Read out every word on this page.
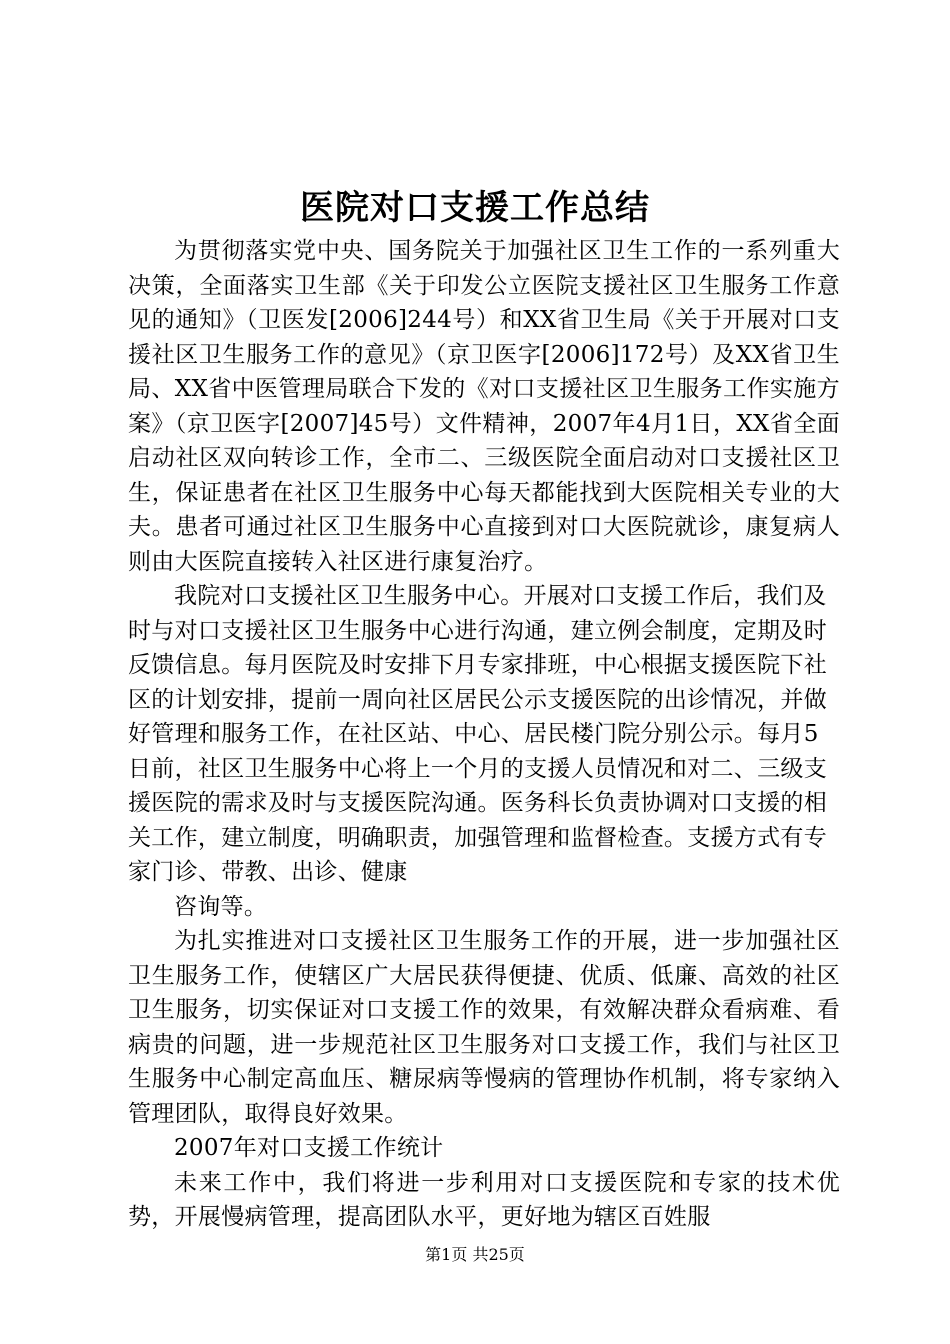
医院对口支援工作总结

为贯彻落实党中央、国务院关于加强社区卫生工作的一系列重大决策，全面落实卫生部《关于印发公立医院支援社区卫生服务工作意见的通知》（卫医发[2006]244号）和XX省卫生局《关于开展对口支援社区卫生服务工作的意见》（京卫医字[2006]172号）及XX省卫生局、XX省中医管理局联合下发的《对口支援社区卫生服务工作实施方案》（京卫医字[2007]45号）文件精神，2007年4月1日，XX省全面启动社区双向转诊工作，全市二、三级医院全面启动对口支援社区卫生，保证患者在社区卫生服务中心每天都能找到大医院相关专业的大夫。患者可通过社区卫生服务中心直接到对口大医院就诊，康复病人则由大医院直接转入社区进行康复治疗。

我院对口支援社区卫生服务中心。开展对口支援工作后，我们及时与对口支援社区卫生服务中心进行沟通，建立例会制度，定期及时反馈信息。每月医院及时安排下月专家排班，中心根据支援医院下社区的计划安排，提前一周向社区居民公示支援医院的出诊情况，并做好管理和服务工作，在社区站、中心、居民楼门院分别公示。每月5日前，社区卫生服务中心将上一个月的支援人员情况和对二、三级支援医院的需求及时与支援医院沟通。医务科长负责协调对口支援的相关工作，建立制度，明确职责，加强管理和监督检查。支援方式有专家门诊、带教、出诊、健康

咨询等。

为扎实推进对口支援社区卫生服务工作的开展，进一步加强社区卫生服务工作，使辖区广大居民获得便捷、优质、低廉、高效的社区卫生服务，切实保证对口支援工作的效果，有效解决群众看病难、看病贵的问题，进一步规范社区卫生服务对口支援工作，我们与社区卫生服务中心制定高血压、糖尿病等慢病的管理协作机制，将专家纳入管理团队，取得良好效果。

2007年对口支援工作统计

未来工作中，我们将进一步利用对口支援医院和专家的技术优势，开展慢病管理，提高团队水平，更好地为辖区百姓服

第1页 共25页
